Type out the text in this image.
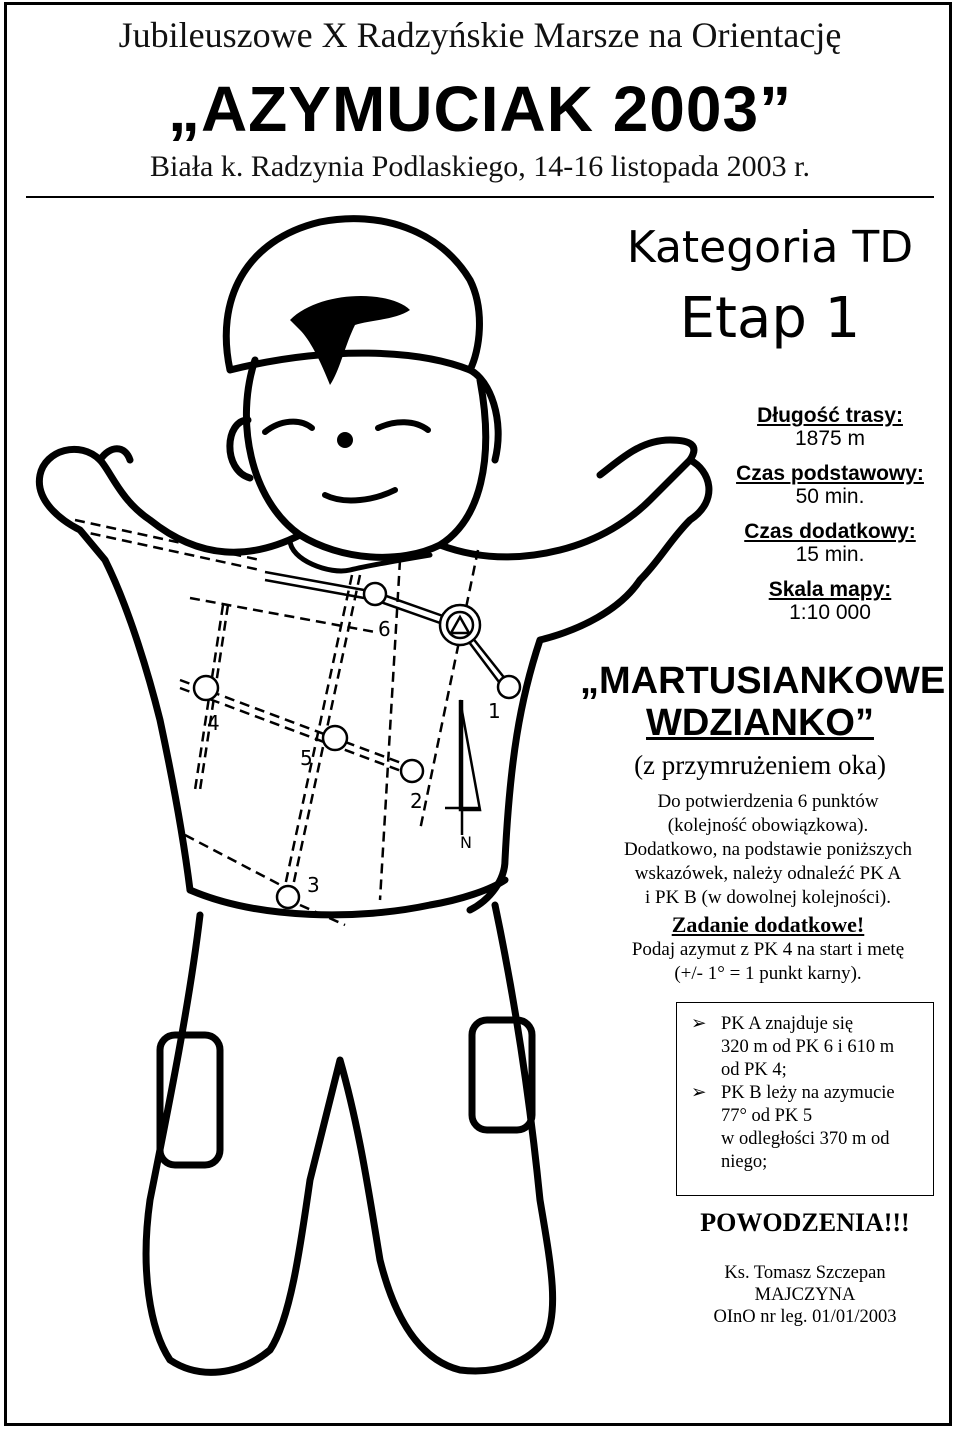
Jubileuszowe X Radzyńskie Marsze na Orientację
„AZYMUCIAK 2003”
Biała k. Radzynia Podlaskiego, 14-16 listopada 2003 r.
6
1
4
5
2
3
N
Kategoria TD
Etap 1
Długość trasy:
1875 m
Czas podstawowy:
50 min.
Czas dodatkowy:
15 min.
Skala mapy:
1:10 000
„MARTUSIANKOWE
WDZIANKO”
(z przymrużeniem oka)
Do potwierdzenia 6 punktów
(kolejność obowiązkowa).
Dodatkowo, na podstawie poniższych
wskazówek, należy odnaleźć PK A
i PK B (w dowolnej kolejności).
Zadanie dodatkowe!
Podaj azymut z PK 4 na start i metę
(+/- 1° = 1 punkt karny).
➢ PK A znajduje się
320 m od PK 6 i 610 m
od PK 4;
➢ PK B leży na azymucie
77° od PK 5
w odległości 370 m od
niego;
POWODZENIA!!!
Ks. Tomasz Szczepan
MAJCZYNA
OInO nr leg. 01/01/2003
